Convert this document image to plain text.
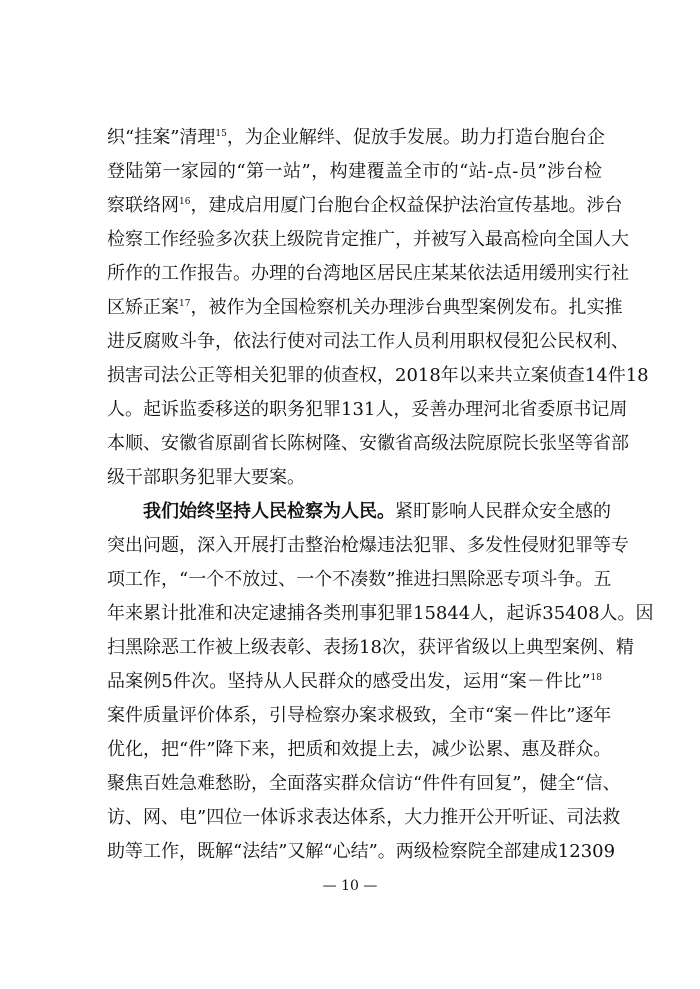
织“挂案”清理$^{15}$，为企业解绊、促放手发展。助力打造台胞台企
登陆第一家园的“第一站”，构建覆盖全市的“站-点-员”涉台检
察联络网$^{16}$，建成启用厦门台胞台企权益保护法治宣传基地。涉台
检察工作经验多次获上级院肯定推广，并被写入最高检向全国人大
所作的工作报告。办理的台湾地区居民庄某某依法适用缓刑实行社
区矫正案$^{17}$，被作为全国检察机关办理涉台典型案例发布。扎实推
进反腐败斗争，依法行使对司法工作人员利用职权侵犯公民权利、
损害司法公正等相关犯罪的侦查权，2018年以来共立案侦查14件18
人。起诉监委移送的职务犯罪131人，妥善办理河北省委原书记周
本顺、安徽省原副省长陈树隆、安徽省高级法院原院长张坚等省部
级干部职务犯罪大要案。
我们始终坚持人民检察为人民。紧盯影响人民群众安全感的
突出问题，深入开展打击整治枪爆违法犯罪、多发性侵财犯罪等专
项工作，“一个不放过、一个不凑数”推进扫黑除恶专项斗争。五
年来累计批准和决定逮捕各类刑事犯罪15844人，起诉35408人。因
扫黑除恶工作被上级表彰、表扬18次，获评省级以上典型案例、精
品案例5件次。坚持从人民群众的感受出发，运用“案－件比”$^{18}$
案件质量评价体系，引导检察办案求极致，全市“案－件比”逐年
优化，把“件”降下来，把质和效提上去，减少讼累、惠及群众。
聚焦百姓急难愁盼，全面落实群众信访“件件有回复”，健全“信、
访、网、电”四位一体诉求表达体系，大力推开公开听证、司法救
助等工作，既解“法结”又解“心结”。两级检察院全部建成12309
— 10 —
